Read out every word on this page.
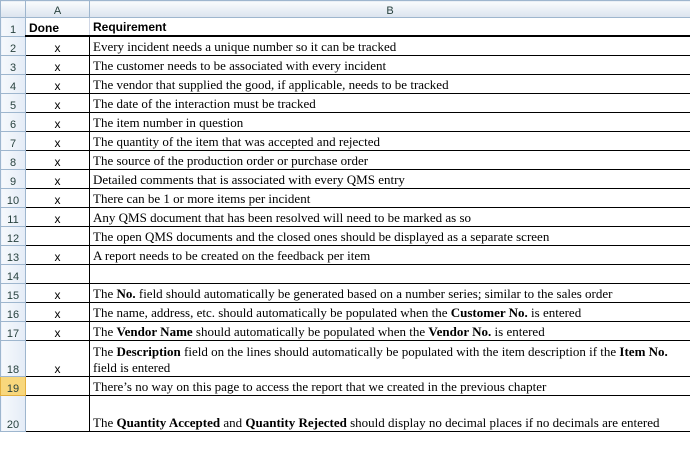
	A	B
1	Done	Requirement
2	x	Every incident needs a unique number so it can be tracked
3	x	The customer needs to be associated with every incident
4	x	The vendor that supplied the good, if applicable, needs to be tracked
5	x	The date of the interaction must be tracked
6	x	The item number in question
7	x	The quantity of the item that was accepted and rejected
8	x	The source of the production order or purchase order
9	x	Detailed comments that is associated with every QMS entry
10	x	There can be 1 or more items per incident
11	x	Any QMS document that has been resolved will need to be marked as so
12		The open QMS documents and the closed ones should be displayed as a separate screen
13	x	A report needs to be created on the feedback per item
14		
15	x	The No. field should automatically be generated based on a number series; similar to the sales order
16	x	The name, address, etc. should automatically be populated when the Customer No. is entered
17	x	The Vendor Name should automatically be populated when the Vendor No. is entered
18	x	The Description field on the lines should automatically be populated with the item description if the Item No. field is entered
19		There’s no way on this page to access the report that we created in the previous chapter
20		The Quantity Accepted and Quantity Rejected should display no decimal places if no decimals are entered
